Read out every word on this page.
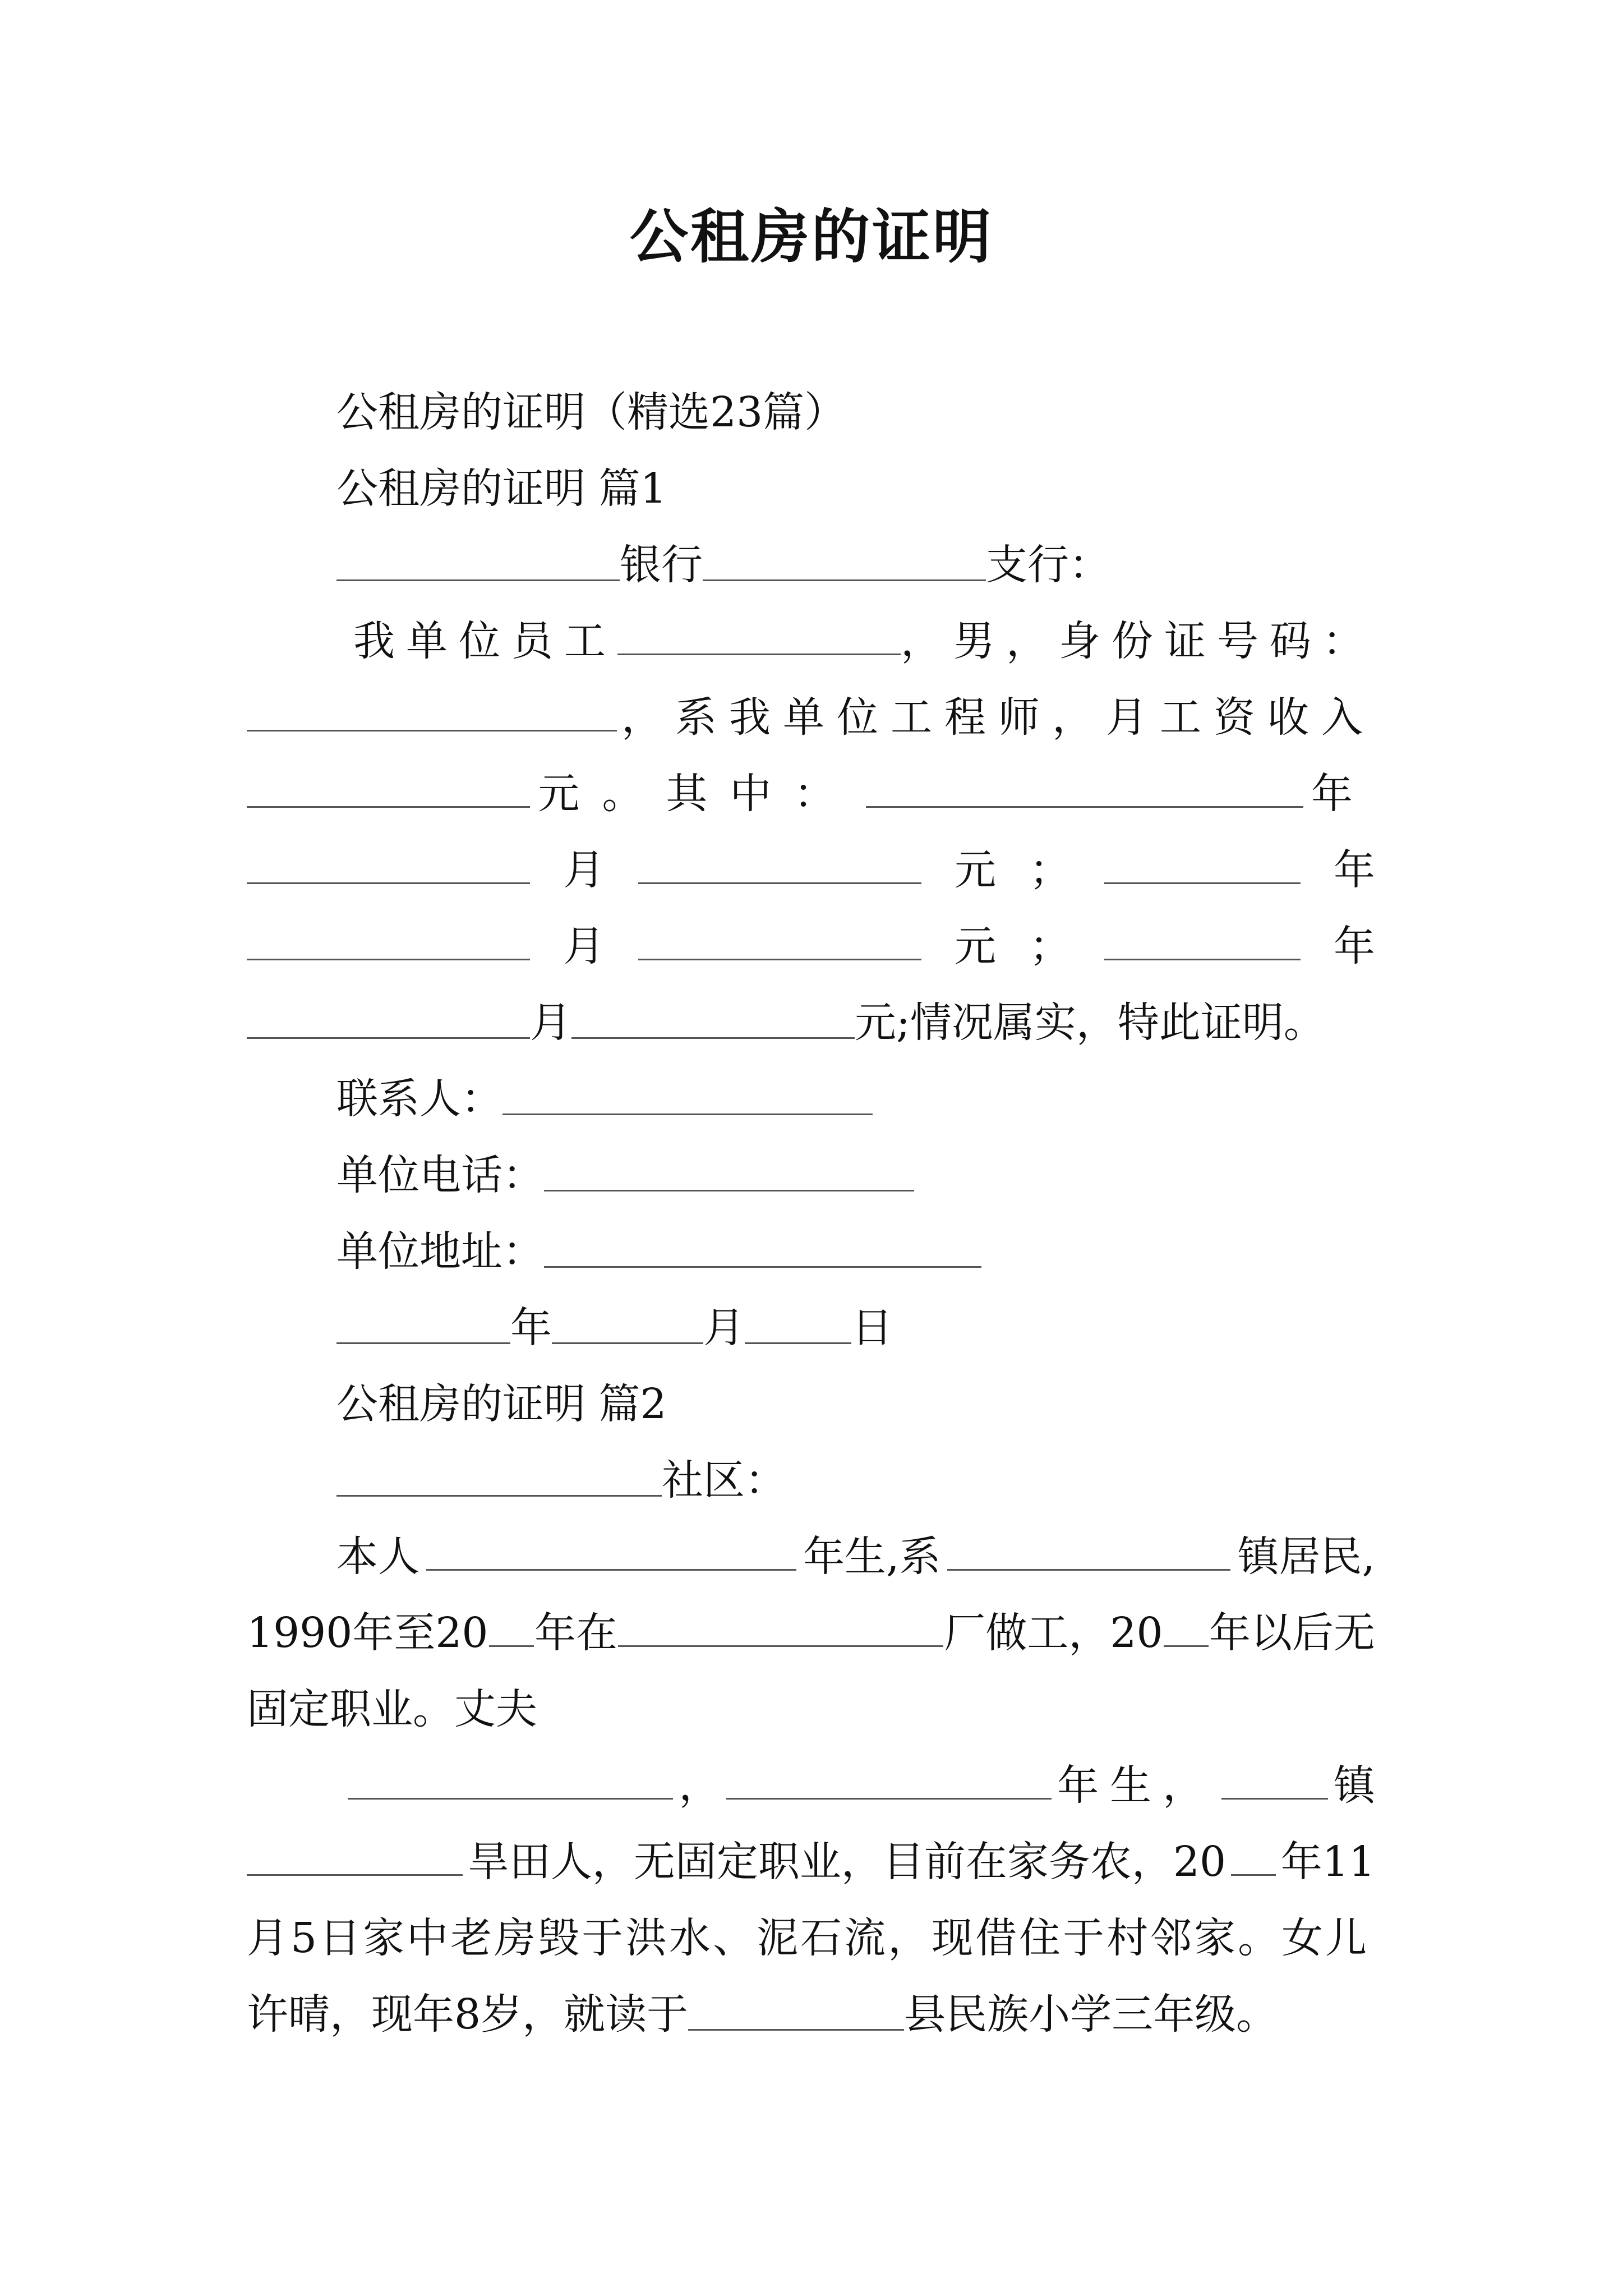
公租房的证明
公租房的证明（精选23篇）
公租房的证明 篇1
银行	支行：
我单位员工	，男，身份证号码：
，系我单位工程师，月工资收入
元。其中：	年
月	元 ；	年
月	元 ；	年
月	元;情况属实，特此证明。
联系人：
单位电话：
单位地址：
年	月	日
公租房的证明 篇2
社区：
本人	年生,系	镇居民,
1990年至20 年在	厂做工，20 年以后无
固定职业。丈夫
，	年生，	镇
旱田人，无固定职业，目前在家务农，20 年11
月5日家中老房毁于洪水、泥石流，现借住于村邻家。女儿
许晴，现年8岁，就读于	县民族小学三年级。
